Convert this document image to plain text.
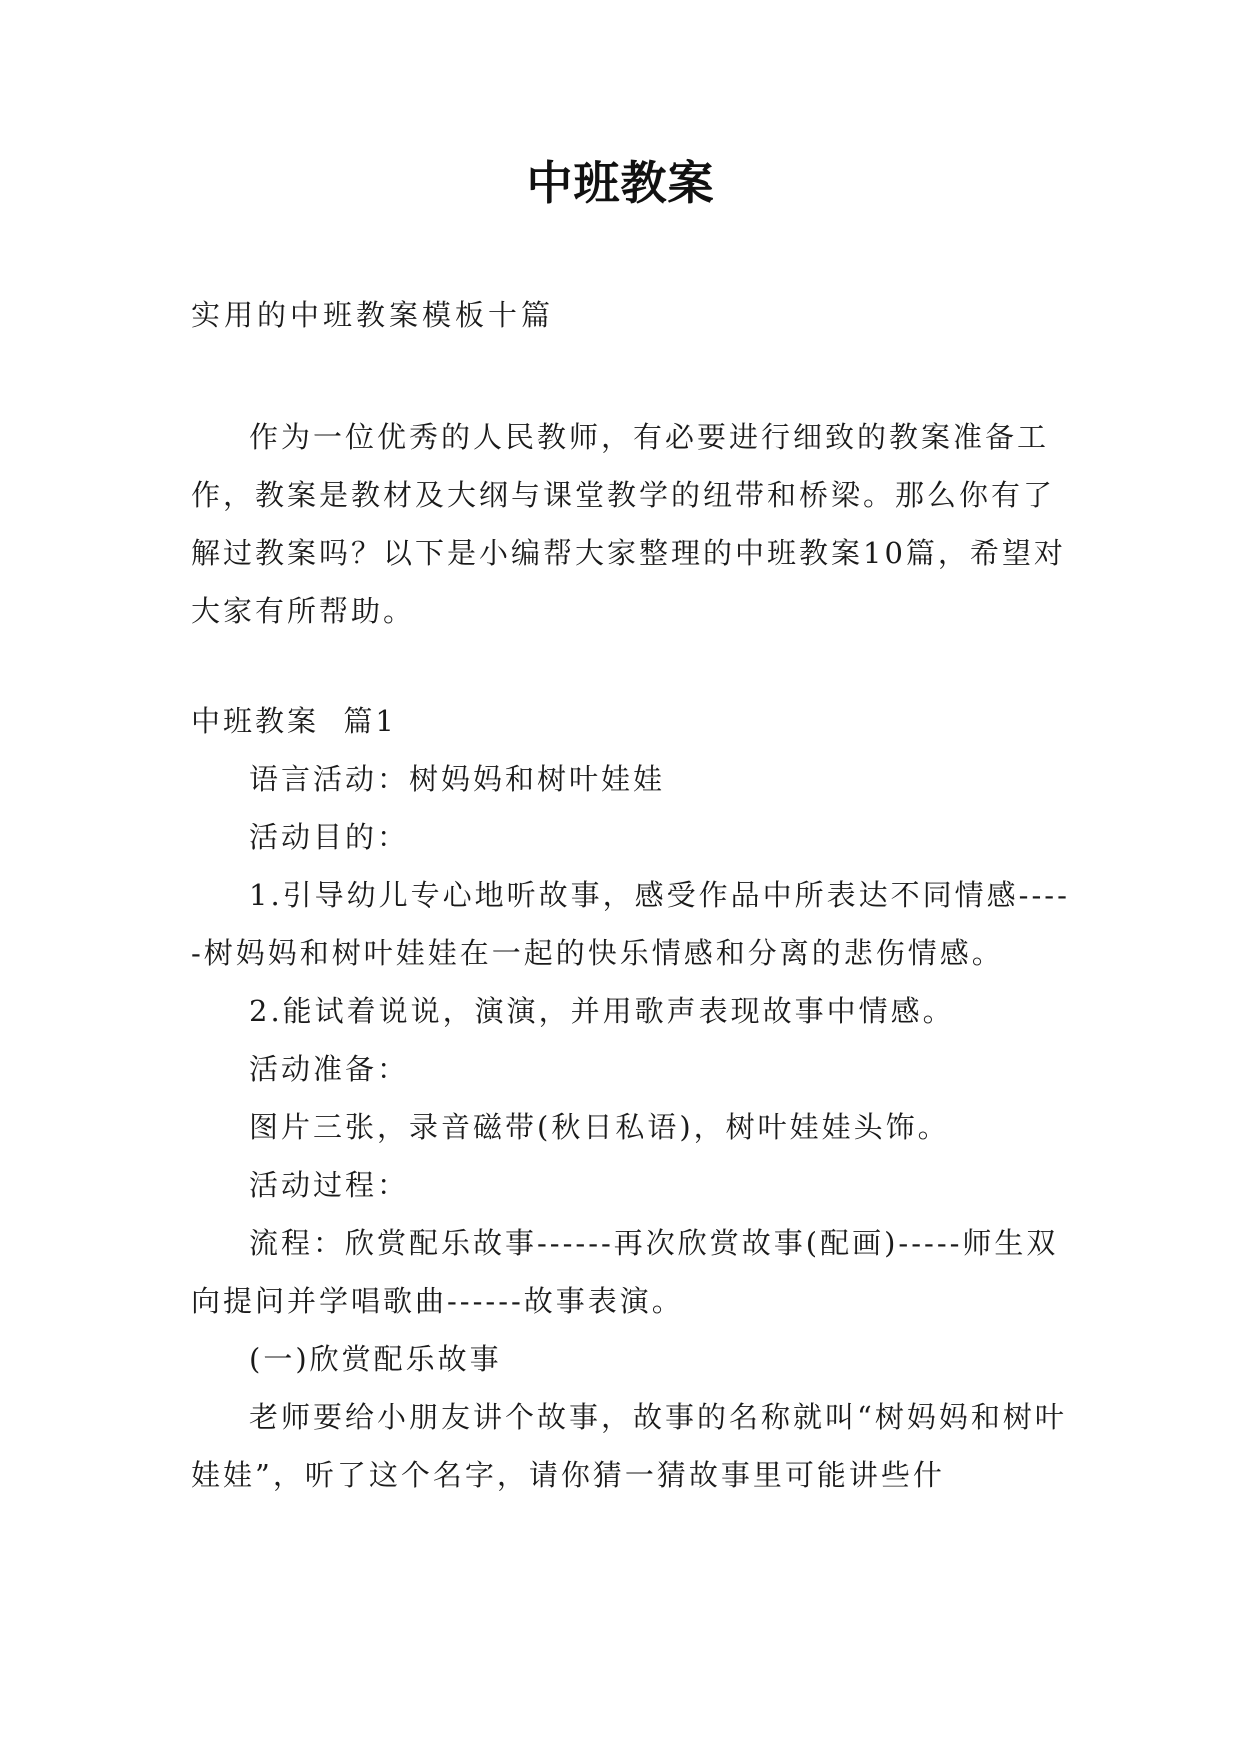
中班教案
实用的中班教案模板十篇

作为一位优秀的人民教师，有必要进行细致的教案准备工作，教案是教材及大纲与课堂教学的纽带和桥梁。那么你有了解过教案吗？以下是小编帮大家整理的中班教案10篇，希望对大家有所帮助。

中班教案  篇1

语言活动：树妈妈和树叶娃娃

活动目的：

1.引导幼儿专心地听故事，感受作品中所表达不同情感-----树妈妈和树叶娃娃在一起的快乐情感和分离的悲伤情感。

2.能试着说说，演演，并用歌声表现故事中情感。

活动准备：

图片三张，录音磁带(秋日私语)，树叶娃娃头饰。

活动过程：

流程：欣赏配乐故事------再次欣赏故事(配画)-----师生双向提问并学唱歌曲------故事表演。

(一)欣赏配乐故事

老师要给小朋友讲个故事，故事的名称就叫“树妈妈和树叶娃娃”，听了这个名字，请你猜一猜故事里可能讲些什
